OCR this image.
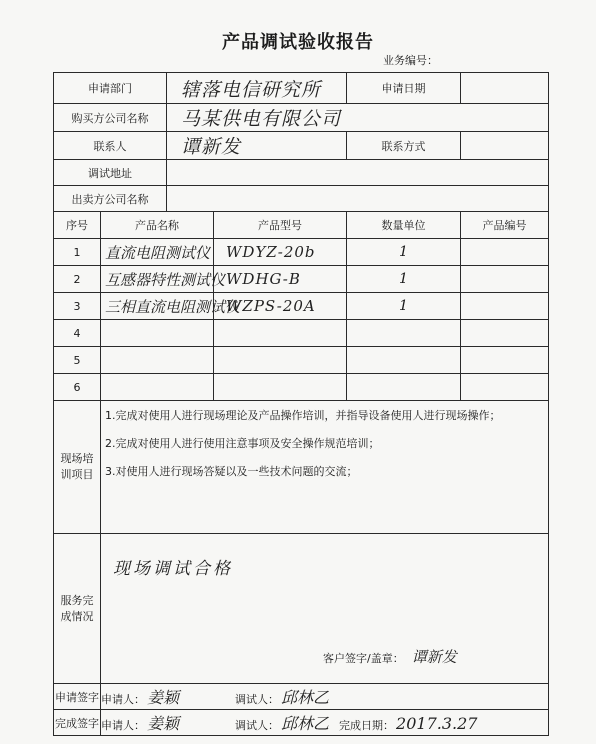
产品调试验收报告
业务编号：
申请部门		辖落电信研究所		申请日期	
购买方公司名称		马某供电有限公司			
联系人		谭新发		联系方式	
调试地址					
出卖方公司名称					
序号	产品名称		产品型号	数量单位	产品编号
1	直流电阻测试仪		WDYZ-20b	1	
2	互感器特性测试仪		WDHG-B	1	
3	三相直流电阻测试仪		WZPS-20A	1	
4					
5					
6					

现场培训项目	1.完成对使用人进行现场理论及产品操作培训，并指导设备使用人进行现场操作；

2.完成对使用人进行使用注意事项及安全操作规范培训；

3.对使用人进行现场答疑以及一些技术问题的交流；				

服务完成情况	现场调试合格
客户签字/盖章： 谭新发				

申请签字	申请人： 姜颖 调试人： 邱林乙				
完成签字	申请人： 姜颖 调试人： 邱林乙 完成日期： 2017.3.27				
